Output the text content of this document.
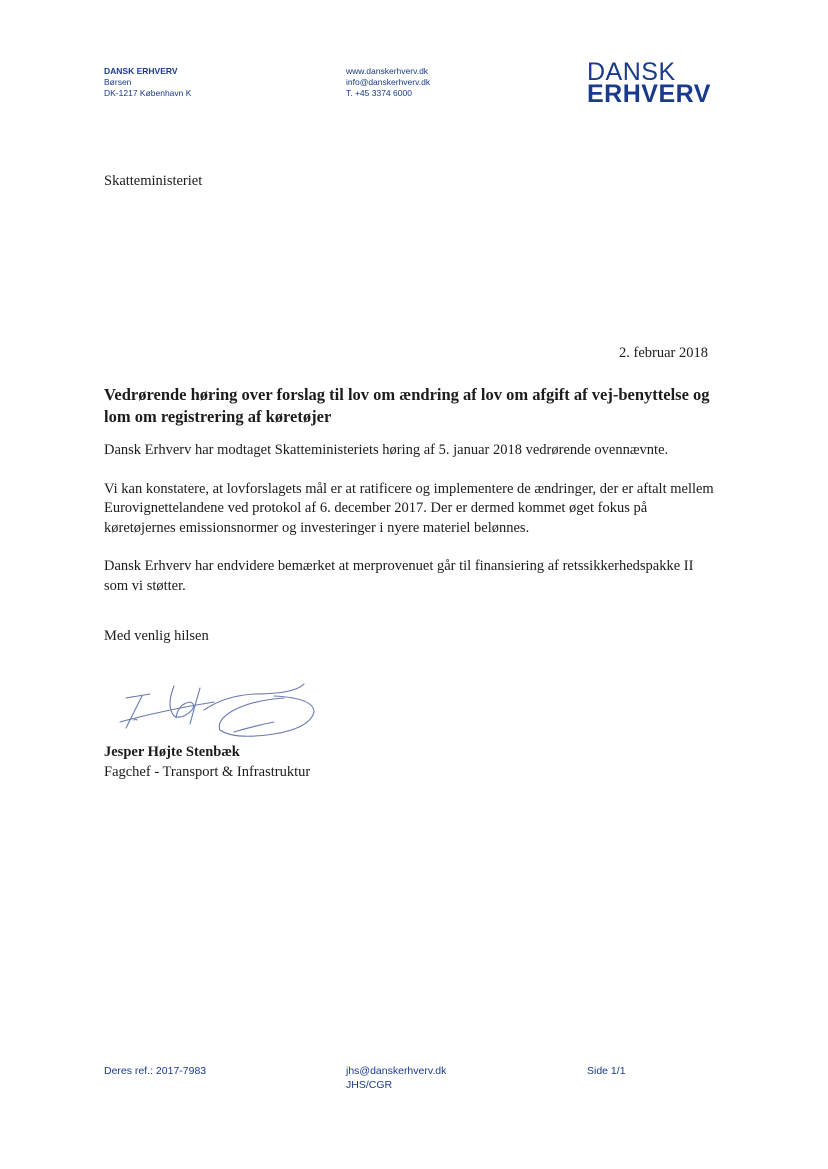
DANSK ERHVERV
Børsen
DK-1217 København K
www.danskerhverv.dk
info@danskerhverv.dk
T. +45 3374 6000
DANSK
ERHVERV
Skatteministeriet
2. februar 2018
Vedrørende høring over forslag til lov om ændring af lov om afgift af vej-benyttelse og lom om registrering af køretøjer

Dansk Erhverv har modtaget Skatteministeriets høring af 5. januar 2018 vedrørende ovennævnte.

Vi kan konstatere, at lovforslagets mål er at ratificere og implementere de ændringer, der er aftalt mellem Eurovignettelandene ved protokol af 6. december 2017. Der er dermed kommet øget fokus på køretøjernes emissionsnormer og investeringer i nyere materiel belønnes.

Dansk Erhverv har endvidere bemærket at merprovenuet går til finansiering af retssikkerhedspakke II som vi støtter.

Med venlig hilsen
Jesper Højte Stenbæk
Fagchef - Transport & Infrastruktur
Deres ref.: 2017-7983	jhs@danskerhverv.dk
JHS/CGR
Side 1/1
